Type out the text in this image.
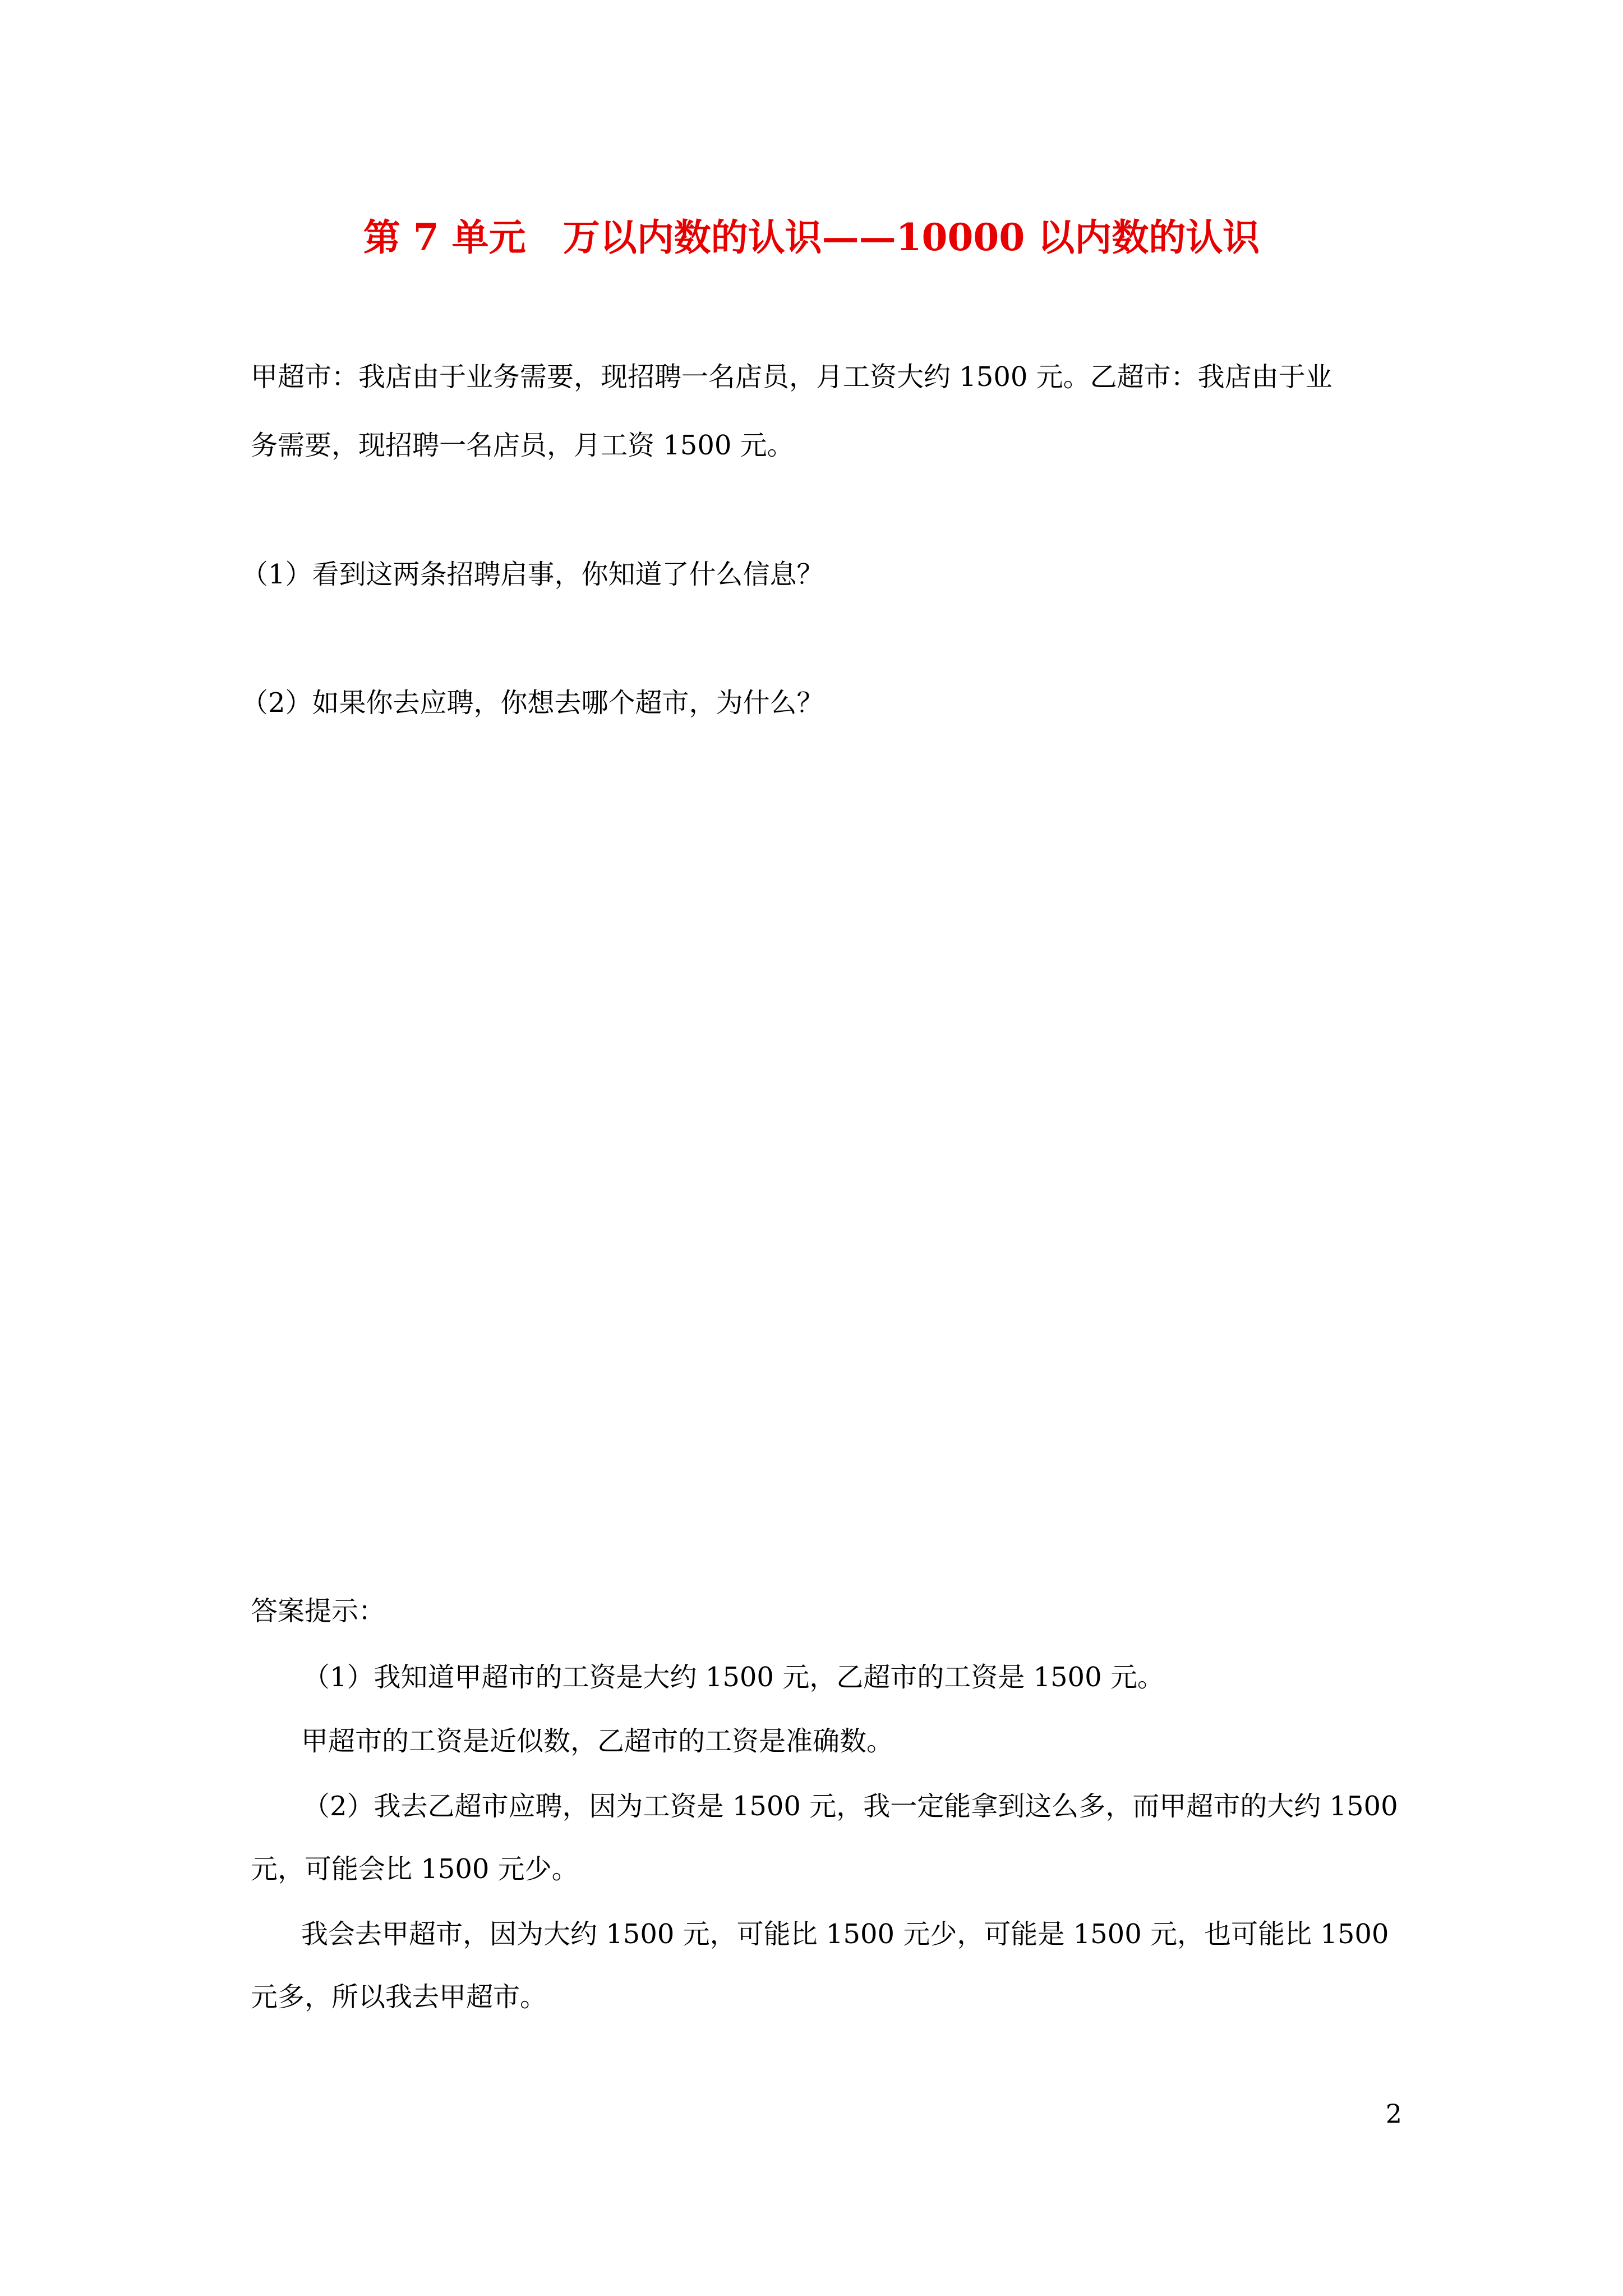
第 7 单元　万以内数的认识——10000 以内数的认识
甲超市：我店由于业务需要，现招聘一名店员，月工资大约 1500 元。乙超市：我店由于业
务需要，现招聘一名店员，月工资 1500 元。
（1）看到这两条招聘启事，你知道了什么信息？
（2）如果你去应聘，你想去哪个超市，为什么？
答案提示：
（1）我知道甲超市的工资是大约 1500 元，乙超市的工资是 1500 元。
甲超市的工资是近似数，乙超市的工资是准确数。
（2）我去乙超市应聘，因为工资是 1500 元，我一定能拿到这么多，而甲超市的大约 1500
元，可能会比 1500 元少。
我会去甲超市，因为大约 1500 元，可能比 1500 元少，可能是 1500 元，也可能比 1500
元多，所以我去甲超市。
2
